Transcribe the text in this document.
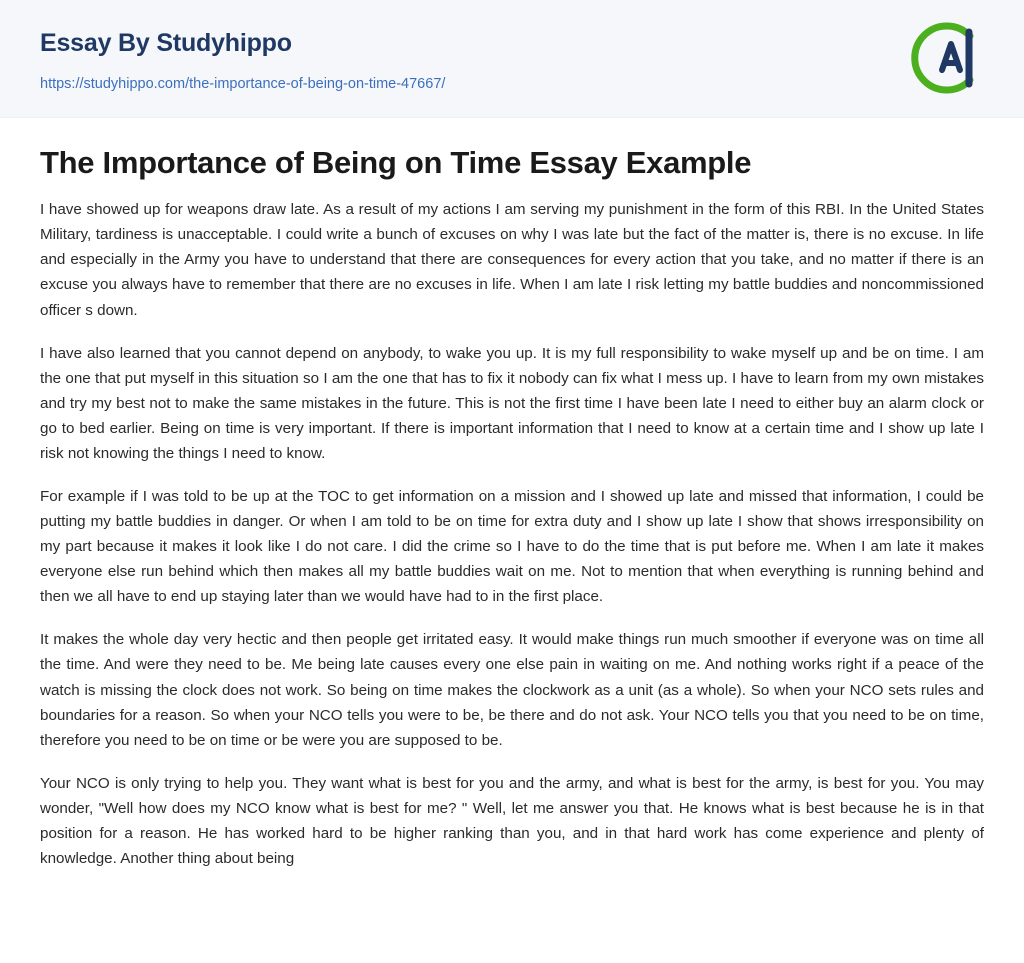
Essay By Studyhippo
https://studyhippo.com/the-importance-of-being-on-time-47667/
The Importance of Being on Time Essay Example

I have showed up for weapons draw late. As a result of my actions I am serving my punishment in the form of this RBI. In the United States Military, tardiness is unacceptable. I could write a bunch of excuses on why I was late but the fact of the matter is, there is no excuse. In life and especially in the Army you have to understand that there are consequences for every action that you take, and no matter if there is an excuse you always have to remember that there are no excuses in life. When I am late I risk letting my battle buddies and noncommissioned officer s down.

I have also learned that you cannot depend on anybody, to wake you up. It is my full responsibility to wake myself up and be on time. I am the one that put myself in this situation so I am the one that has to fix it nobody can fix what I mess up. I have to learn from my own mistakes and try my best not to make the same mistakes in the future. This is not the first time I have been late I need to either buy an alarm clock or go to bed earlier. Being on time is very important. If there is important information that I need to know at a certain time and I show up late I risk not knowing the things I need to know.

For example if I was told to be up at the TOC to get information on a mission and I showed up late and missed that information, I could be putting my battle buddies in danger. Or when I am told to be on time for extra duty and I show up late I show that shows irresponsibility on my part because it makes it look like I do not care. I did the crime so I have to do the time that is put before me. When I am late it makes everyone else run behind which then makes all my battle buddies wait on me. Not to mention that when everything is running behind and then we all have to end up staying later than we would have had to in the first place.

It makes the whole day very hectic and then people get irritated easy. It would make things run much smoother if everyone was on time all the time. And were they need to be. Me being late causes every one else pain in waiting on me. And nothing works right if a peace of the watch is missing the clock does not work. So being on time makes the clockwork as a unit (as a whole). So when your NCO sets rules and boundaries for a reason. So when your NCO tells you were to be, be there and do not ask. Your NCO tells you that you need to be on time, therefore you need to be on time or be were you are supposed to be.

Your NCO is only trying to help you. They want what is best for you and the army, and what is best for the army, is best for you. You may wonder, "Well how does my NCO know what is best for me? " Well, let me answer you that. He knows what is best because he is in that position for a reason. He has worked hard to be higher ranking than you, and in that hard work has come experience and plenty of knowledge. Another thing about being
